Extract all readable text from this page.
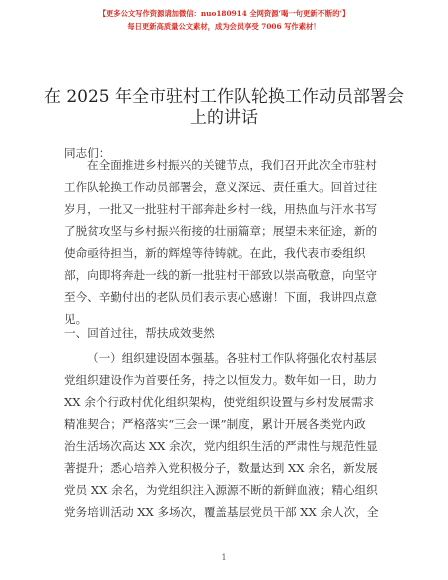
【更多公文写作资源请加微信：nuo180914 全网资源‘喝一句更新不断的’】
每日更新高质量公文素材，成为会员享受 7006 写作素材！
在 2025 年全市驻村工作队轮换工作动员部署会
上的讲话
同志们：
在全面推进乡村振兴的关键节点，我们召开此次全市驻村
工作队轮换工作动员部署会，意义深远、责任重大。回首过往
岁月，一批又一批驻村干部奔赴乡村一线，用热血与汗水书写
了脱贫攻坚与乡村振兴衔接的壮丽篇章；展望未来征途，新的
使命亟待担当，新的辉煌等待铸就。在此，我代表市委组织
部，向即将奔赴一线的新一批驻村干部致以崇高敬意，向坚守
至今、辛勤付出的老队员们表示衷心感谢！下面，我讲四点意
见。
一、回首过往，帮扶成效斐然
（一）组织建设固本强基。各驻村工作队将强化农村基层
党组织建设作为首要任务，持之以恒发力。数年如一日，助力
XX 余个行政村优化组织架构，使党组织设置与乡村发展需求
精准契合；严格落实“三会一课”制度，累计开展各类党内政
治生活场次高达 XX 余次，党内组织生活的严肃性与规范性显
著提升；悉心培养入党积极分子，数量达到 XX 余名，新发展
党员 XX 余名，为党组织注入源源不断的新鲜血液；精心组织
党务培训活动 XX 多场次，覆盖基层党员干部 XX 余人次，全
1
